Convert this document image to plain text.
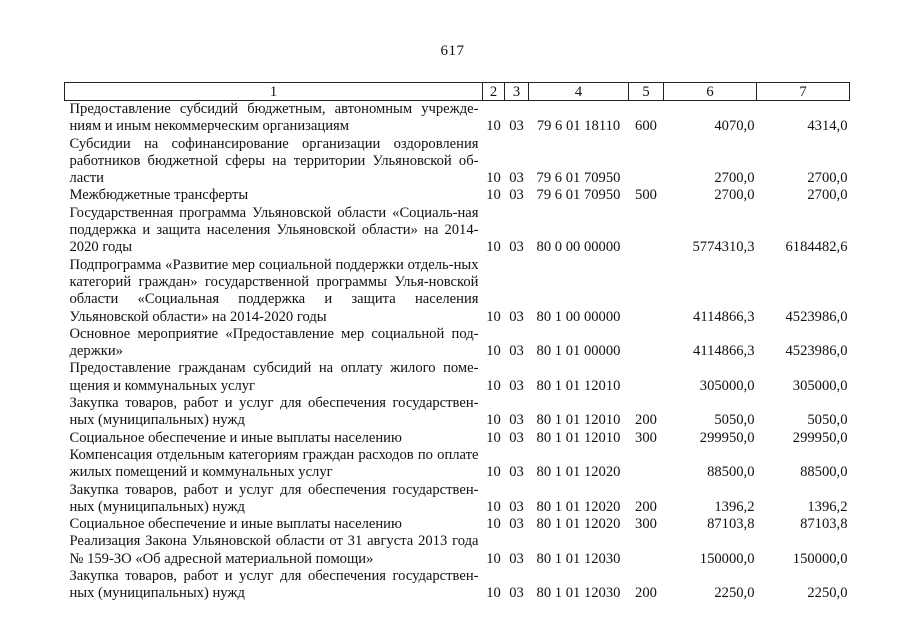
617
1	2	3	4	5	6	7
Предоставление субсидий бюджетным, автономным учрежде-ниям и иным некоммерческим организациям	10	03	79 6 01 18110	600	4070,0	4314,0
Субсидии на софинансирование организации оздоровления работников бюджетной сферы на территории Ульяновской об-ласти	10	03	79 6 01 70950		2700,0	2700,0
Межбюджетные трансферты	10	03	79 6 01 70950	500	2700,0	2700,0
Государственная программа Ульяновской области «Социаль-ная поддержка и защита населения Ульяновской области» на 2014-2020 годы	10	03	80 0 00 00000		5774310,3	6184482,6
Подпрограмма «Развитие мер социальной поддержки отдель-ных категорий граждан» государственной программы Улья-новской области «Социальная поддержка и защита населения Ульяновской области» на 2014-2020 годы	10	03	80 1 00 00000		4114866,3	4523986,0
Основное мероприятие «Предоставление мер социальной под-держки»	10	03	80 1 01 00000		4114866,3	4523986,0
Предоставление гражданам субсидий на оплату жилого поме-щения и коммунальных услуг	10	03	80 1 01 12010		305000,0	305000,0
Закупка товаров, работ и услуг для обеспечения государствен-ных (муниципальных) нужд	10	03	80 1 01 12010	200	5050,0	5050,0
Социальное обеспечение и иные выплаты населению	10	03	80 1 01 12010	300	299950,0	299950,0
Компенсация отдельным категориям граждан расходов по оплате жилых помещений и коммунальных услуг	10	03	80 1 01 12020		88500,0	88500,0
Закупка товаров, работ и услуг для обеспечения государствен-ных (муниципальных) нужд	10	03	80 1 01 12020	200	1396,2	1396,2
Социальное обеспечение и иные выплаты населению	10	03	80 1 01 12020	300	87103,8	87103,8
Реализация Закона Ульяновской области от 31 августа 2013 года № 159-ЗО «Об адресной материальной помощи»	10	03	80 1 01 12030		150000,0	150000,0
Закупка товаров, работ и услуг для обеспечения государствен-ных (муниципальных) нужд	10	03	80 1 01 12030	200	2250,0	2250,0
